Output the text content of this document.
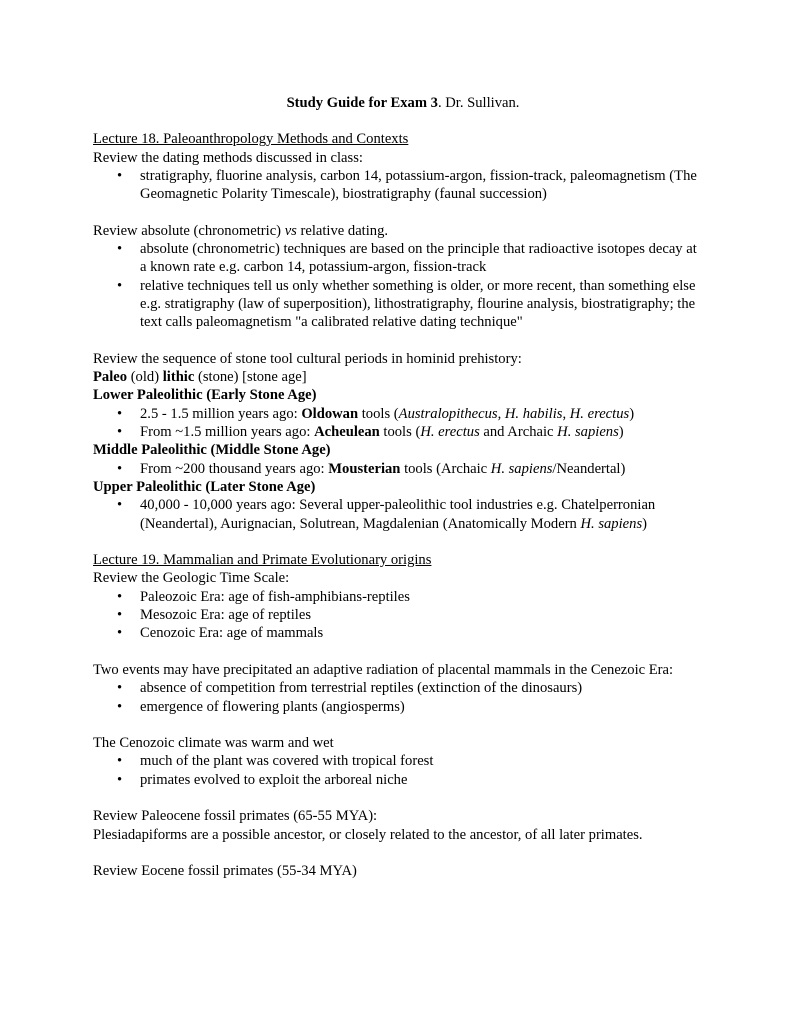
Study Guide for Exam 3. Dr. Sullivan.
Lecture 18. Paleoanthropology Methods and Contexts
Review the dating methods discussed in class:
• stratigraphy, fluorine analysis, carbon 14, potassium-argon, fission-track, paleomagnetism (The Geomagnetic Polarity Timescale), biostratigraphy (faunal succession)
Review absolute (chronometric) vs relative dating.
• absolute (chronometric) techniques are based on the principle that radioactive isotopes decay at a known rate e.g. carbon 14, potassium-argon, fission-track
• relative techniques tell us only whether something is older, or more recent, than something else e.g. stratigraphy (law of superposition), lithostratigraphy, flourine analysis, biostratigraphy; the text calls paleomagnetism "a calibrated relative dating technique"
Review the sequence of stone tool cultural periods in hominid prehistory:
Paleo (old) lithic (stone) [stone age]
Lower Paleolithic (Early Stone Age)
• 2.5 - 1.5 million years ago: Oldowan tools (Australopithecus, H. habilis, H. erectus)
• From ~1.5 million years ago: Acheulean tools (H. erectus and Archaic H. sapiens)
Middle Paleolithic (Middle Stone Age)
• From ~200 thousand years ago: Mousterian tools (Archaic H. sapiens/Neandertal)
Upper Paleolithic (Later Stone Age)
• 40,000 - 10,000 years ago: Several upper-paleolithic tool industries e.g. Chatelperronian (Neandertal), Aurignacian, Solutrean, Magdalenian (Anatomically Modern H. sapiens)
Lecture 19. Mammalian and Primate Evolutionary origins
Review the Geologic Time Scale:
• Paleozoic Era: age of fish-amphibians-reptiles
• Mesozoic Era: age of reptiles
• Cenozoic Era: age of mammals
Two events may have precipitated an adaptive radiation of placental mammals in the Cenezoic Era:
• absence of competition from terrestrial reptiles (extinction of the dinosaurs)
• emergence of flowering plants (angiosperms)
The Cenozoic climate was warm and wet
• much of the plant was covered with tropical forest
• primates evolved to exploit the arboreal niche
Review Paleocene fossil primates (65-55 MYA):
Plesiadapiforms are a possible ancestor, or closely related to the ancestor, of all later primates.
Review Eocene fossil primates (55-34 MYA)
